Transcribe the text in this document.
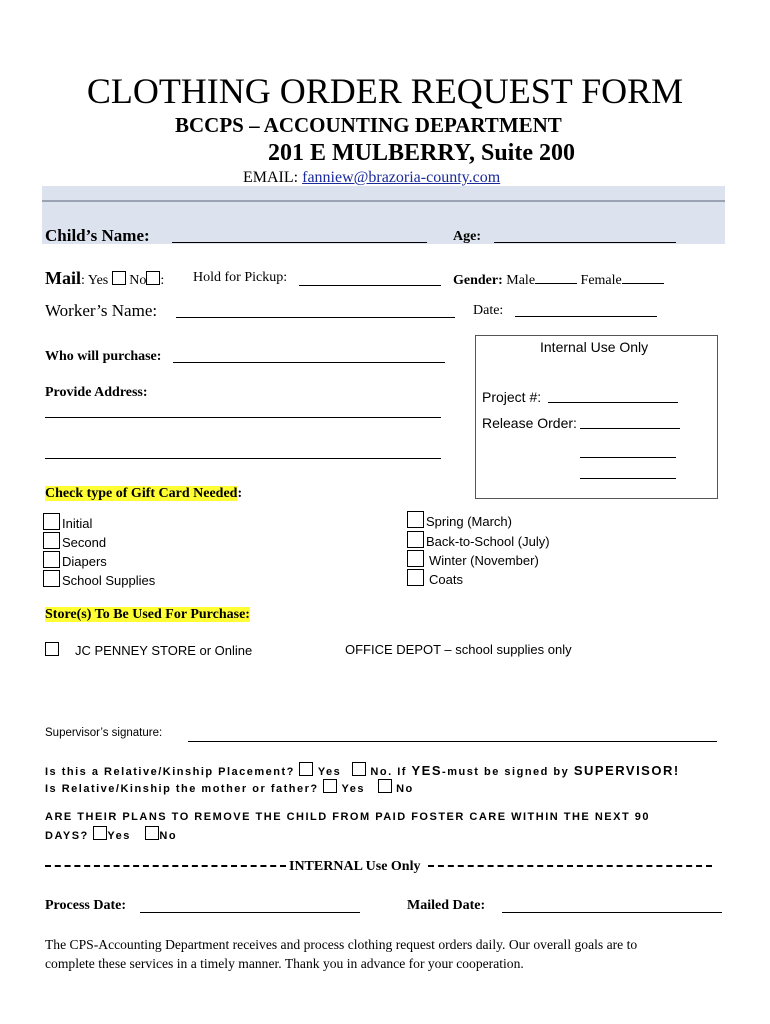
CLOTHING ORDER REQUEST FORM
BCCPS – ACCOUNTING DEPARTMENT
201 E MULBERRY, Suite 200
EMAIL: fanniew@brazoria-county.com
Child’s Name:	Age:
Mail: Yes No : Hold for Pickup:	Gender: Male	Female
Worker’s Name:	Date:
Who will purchase:
Provide Address:
Internal Use Only
Project #:
Release Order:
Check type of Gift Card Needed:
Initial
Second
Diapers
School Supplies
Spring (March)
Back-to-School (July)
Winter (November)
Coats
Store(s) To Be Used For Purchase:
JC PENNEY STORE or Online	OFFICE DEPOT – school supplies only
Supervisor’s signature:
Is this a Relative/Kinship Placement? Yes	No. If YES-must be signed by SUPERVISOR!
Is Relative/Kinship the mother or father? Yes	No
ARE THEIR PLANS TO REMOVE THE CHILD FROM PAID FOSTER CARE WITHIN THE NEXT 90
DAYS? Yes	No
INTERNAL Use Only
Process Date:	Mailed Date:
The CPS-Accounting Department receives and process clothing request orders daily. Our overall goals are to
complete these services in a timely manner. Thank you in advance for your cooperation.
